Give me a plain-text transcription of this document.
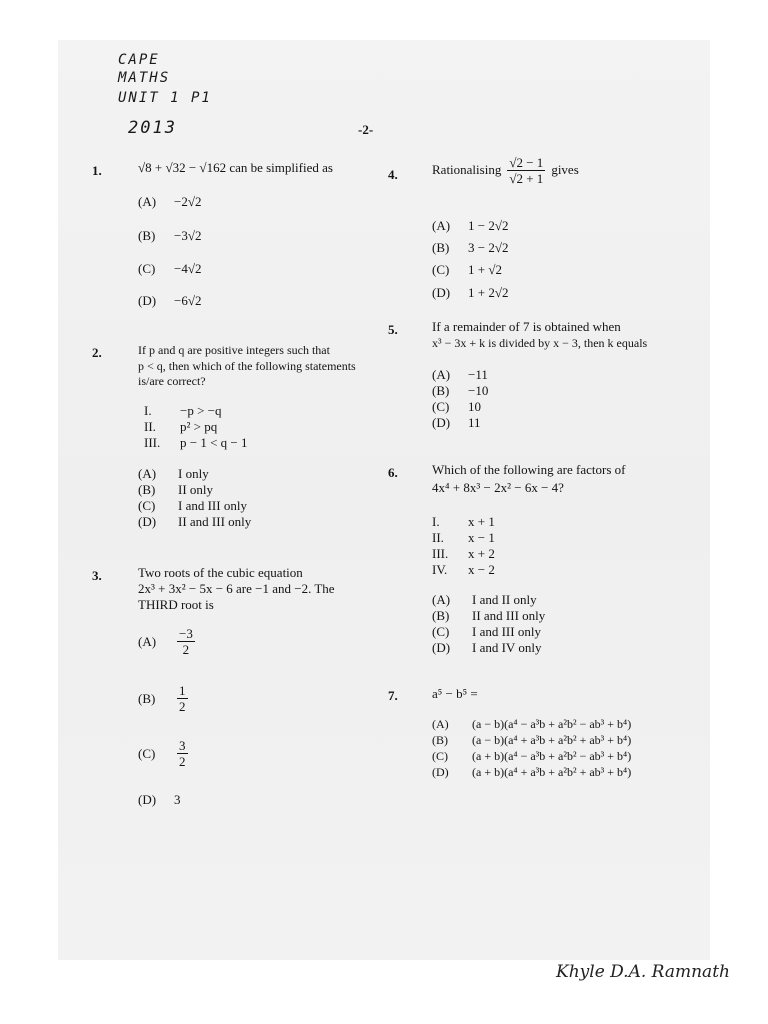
CAPE
MATHS
UNIT 1 P1
2013	-2-
1.	√8 + √32 − √162 can be simplified as
(A) −2√2
(B) −3√2
(C) −4√2
(D) −6√2
2.	If p and q are positive integers such that
p < q, then which of the following statements
is/are correct?
I. −p > −q
II. p² > pq
III. p − 1 < q − 1
(A) I only
(B) II only
(C) I and III only
(D) II and III only
3.	Two roots of the cubic equation
2x³ + 3x² − 5x − 6 are −1 and −2. The
THIRD root is
(A)	$\frac{-3}{2}$
(B)	$\frac{1}{2}$
(C)	$\frac{3}{2}$
(D) 3
4.	Rationalising $\frac{√2 - 1}{√2 + 1}$ gives
(A) 1 − 2√2
(B) 3 − 2√2
(C) 1 + √2
(D) 1 + 2√2
5.	If a remainder of 7 is obtained when
x³ − 3x + k is divided by x − 3, then k equals
(A) −11
(B) −10
(C) 10
(D) 11
6.	Which of the following are factors of
4x⁴ + 8x³ − 2x² − 6x − 4?
I. x + 1
II. x − 1
III. x + 2
IV. x − 2
(A) I and II only
(B) II and III only
(C) I and III only
(D) I and IV only
7.	a⁵ − b⁵ =
(A) (a − b)(a⁴ − a³b + a²b² − ab³ + b⁴)
(B) (a − b)(a⁴ + a³b + a²b² + ab³ + b⁴)
(C) (a + b)(a⁴ − a³b + a²b² − ab³ + b⁴)
(D) (a + b)(a⁴ + a³b + a²b² + ab³ + b⁴)
Khyle D.A. Ramnath
